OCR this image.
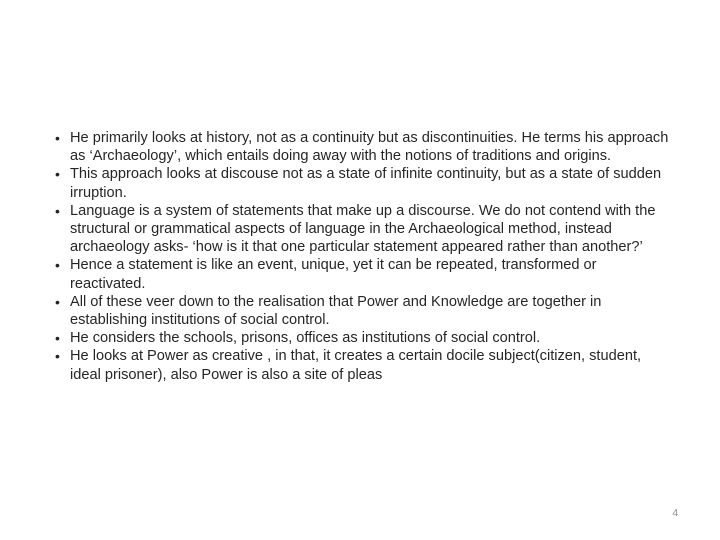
• He primarily looks at history, not as a continuity but as discontinuities. He terms his approach as ‘Archaeology’, which entails doing away with the notions of traditions and origins.
• This approach looks at discouse not as a state of infinite continuity, but as a state of sudden irruption.
• Language is a system of statements that make up a discourse. We do not contend with the structural or grammatical aspects of language in the Archaeological method, instead archaeology asks- ‘how is it that one particular statement appeared rather than another?’
• Hence a statement is like an event, unique, yet it can be repeated, transformed or reactivated.
• All of these veer down to the realisation that Power and Knowledge are together in establishing institutions of social control.
• He considers the schools, prisons, offices as institutions of social control.
• He looks at Power as creative , in that, it creates a certain docile subject(citizen, student, ideal prisoner), also Power is also a site of pleas
4
